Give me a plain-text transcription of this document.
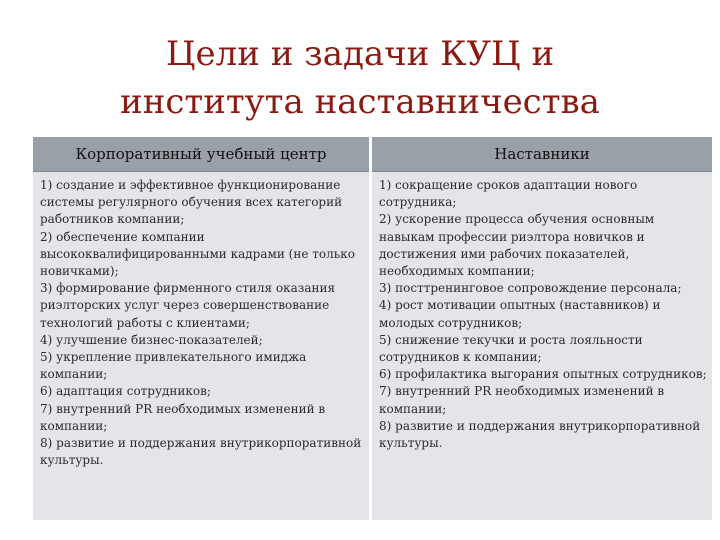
Цели и задачи КУЦ и
института наставничества
Корпоративный учебный центр	Наставники
1) создание и эффективное функционирование системы регулярного обучения всех категорий работников компании;
2) обеспечение компании высококвалифицированными кадрами (не только новичками);
3) формирование фирменного стиля оказания риэлторских услуг через совершенствование технологий работы с клиентами;
4) улучшение бизнес-показателей;
5) укрепление привлекательного имиджа компании;
6) адаптация сотрудников;
7) внутренний PR необходимых изменений в компании;
8) развитие и поддержания внутрикорпоративной культуры.
1) сокращение сроков адаптации нового сотрудника;
2) ускорение процесса обучения основным навыкам профессии риэлтора новичков и достижения ими рабочих показателей, необходимых компании;
3) посттренинговое сопровождение персонала;
4) рост мотивации опытных (наставников) и молодых сотрудников;
5) снижение текучки и роста лояльности сотрудников к компании;
6) профилактика выгорания опытных сотрудников;
7) внутренний PR необходимых изменений в компании;
8) развитие и поддержания внутрикорпоративной культуры.
